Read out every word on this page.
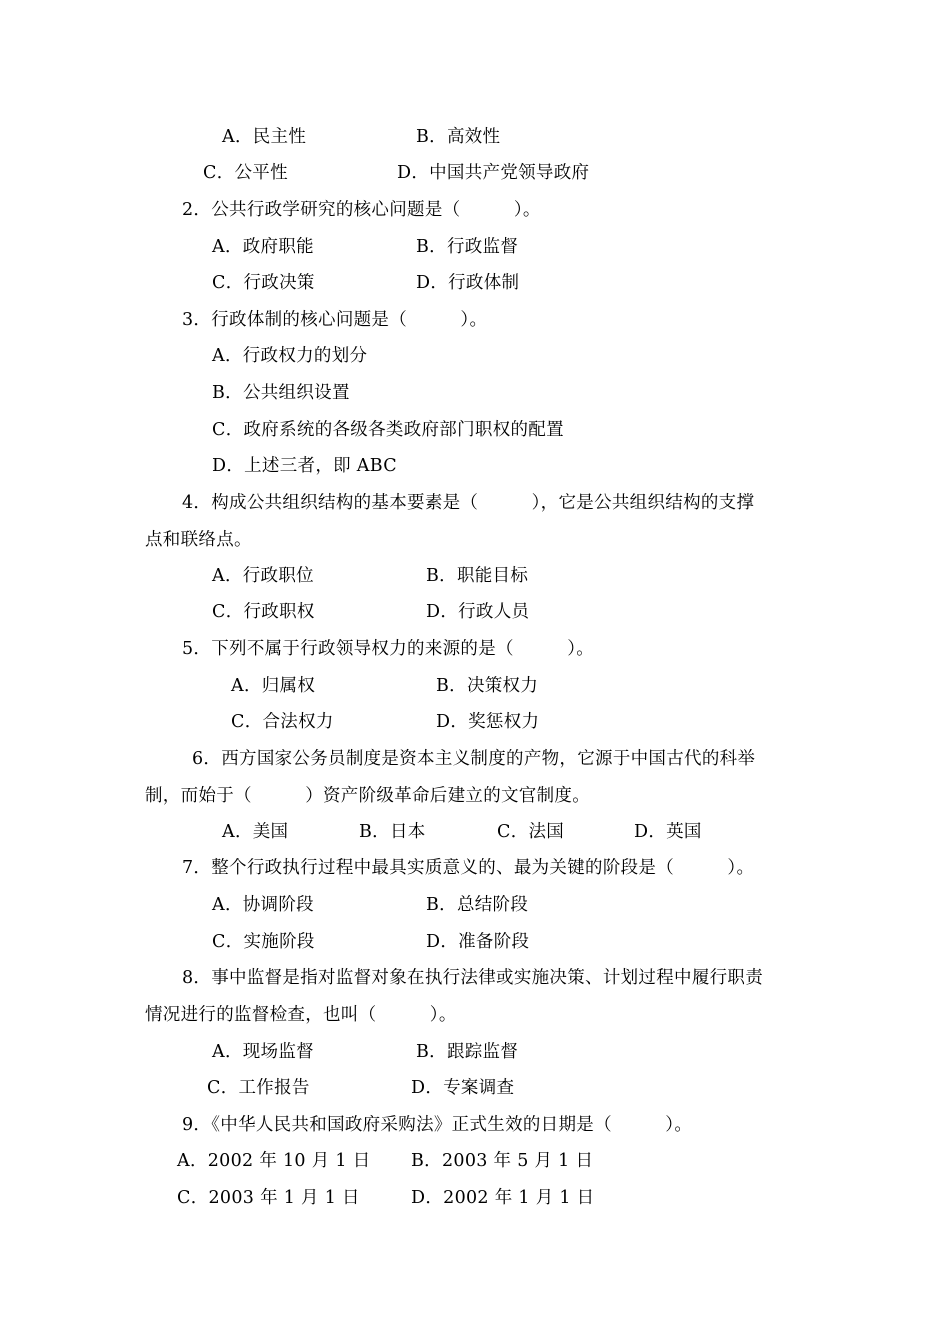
A．民主性	B．高效性
C．公平性	D．中国共产党领导政府
2．公共行政学研究的核心问题是（　　　）。
A．政府职能	B．行政监督
C．行政决策	D．行政体制
3．行政体制的核心问题是（　　　）。
A．行政权力的划分
B．公共组织设置
C．政府系统的各级各类政府部门职权的配置
D．上述三者，即 ABC
4．构成公共组织结构的基本要素是（　　　），它是公共组织结构的支撑
点和联络点。
A．行政职位	B．职能目标
C．行政职权	D．行政人员
5．下列不属于行政领导权力的来源的是（　　　）。
A．归属权	B．决策权力
C．合法权力	D．奖惩权力
6．西方国家公务员制度是资本主义制度的产物，它源于中国古代的科举
制，而始于（　　　）资产阶级革命后建立的文官制度。
A．美国	B．日本	C．法国	D．英国
7．整个行政执行过程中最具实质意义的、最为关键的阶段是（　　　）。
A．协调阶段	B．总结阶段
C．实施阶段	D．准备阶段
8．事中监督是指对监督对象在执行法律或实施决策、计划过程中履行职责
情况进行的监督检查，也叫（　　　）。
A．现场监督	B．跟踪监督
C．工作报告	D．专案调查
9．《中华人民共和国政府采购法》正式生效的日期是（　　　）。
A．2002 年 10 月 1 日 B．2003 年 5 月 1 日
C．2003 年 1 月 1 日	D．2002 年 1 月 1 日
